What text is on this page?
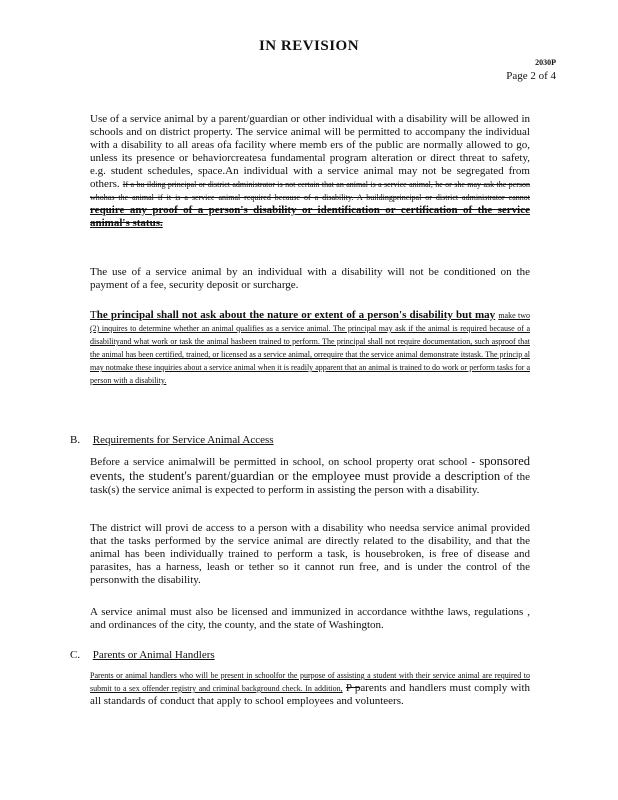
IN REVISION
2030P
Page 2 of 4

Use of a service animal by a parent/guardian or other individual with a disability will be allowed in schools and on district property. The service animal will be permitted to accompany the individual with a disability to all areas ofa facility where memb ers of the public are normally allowed to go, unless its presence or behaviorcreatesa fundamental program alteration or direct threat to safety, e.g. student schedules, space.An individual with a service animal may not be segregated from others. If a bu ilding principal or district administrator is not certain that an animal is a service animal, he or she may ask the person whohas the animal if it is a service animal required because of a disability. A buildingprincipal or district administrator cannot require any proof of a person's disability or identification or certification of the service animal's status.

The use of a service animal by an individual with a disability will not be conditioned on the payment of a fee, security deposit or surcharge.

The principal shall not ask about the nature or extent of a person's disability but may make two (2) inquires to determine whether an animal qualifies as a service animal. The principal may ask if the animal is required because of a disabilityand what work or task the animal hasbeen trained to perform. The principal shall not require documentation, such asproof that the animal has been certified, trained, or licensed as a service animal, orrequire that the service animal demonstrate itstask. The princip al may notmake these inquiries about a service animal when it is readily apparent that an animal is trained to do work or perform tasks for a person with a disability.

B. Requirements for Service Animal Access

Before a service animalwill be permitted in school, on school property orat school - sponsored events, the student's parent/guardian or the employee must provide a description of the task(s) the service animal is expected to perform in assisting the person with a disability.

The district will provi de access to a person with a disability who needsa service animal provided that the tasks performed by the service animal are directly related to the disability, and that the animal has been individually trained to perform a task, is housebroken, is free of disease and parasites, has a harness, leash or tether so it cannot run free, and is under the control of the personwith the disability.

A service animal must also be licensed and immunized in accordance withthe laws, regulations , and ordinances of the city, the county, and the state of Washington.

C. Parents or Animal Handlers

Parents or animal handlers who will be present in schoolfor the purpose of assisting a student with their service animal are required to submit to a sex offender registry and criminal background check. In addition, P parents and handlers must comply with all standards of conduct that apply to school employees and volunteers.
